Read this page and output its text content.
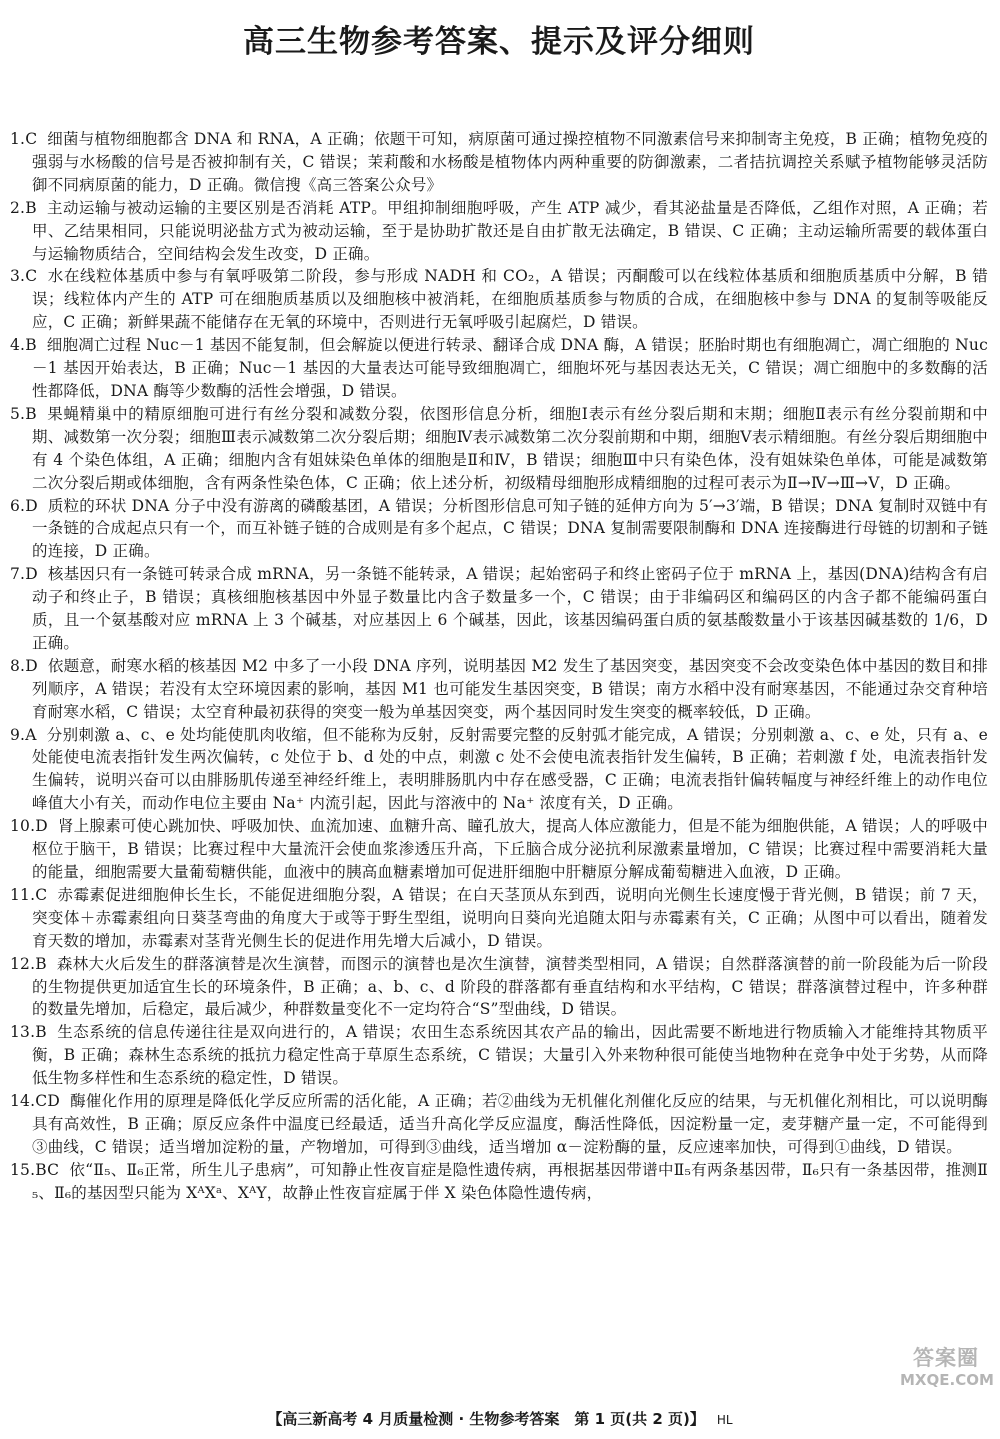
高三生物参考答案、提示及评分细则

1.C 细菌与植物细胞都含 DNA 和 RNA，A 正确；依题干可知，病原菌可通过操控植物不同激素信号来抑制寄主免疫，B 正确；植物免疫的强弱与水杨酸的信号是否被抑制有关，C 错误；茉莉酸和水杨酸是植物体内两种重要的防御激素，二者拮抗调控关系赋予植物能够灵活防御不同病原菌的能力，D 正确。微信搜《高三答案公众号》

2.B 主动运输与被动运输的主要区别是否消耗 ATP。甲组抑制细胞呼吸，产生 ATP 减少，看其泌盐量是否降低，乙组作对照，A 正确；若甲、乙结果相同，只能说明泌盐方式为被动运输，至于是协助扩散还是自由扩散无法确定，B 错误、C 正确；主动运输所需要的载体蛋白与运输物质结合，空间结构会发生改变，D 正确。

3.C 水在线粒体基质中参与有氧呼吸第二阶段，参与形成 NADH 和 CO₂，A 错误；丙酮酸可以在线粒体基质和细胞质基质中分解，B 错误；线粒体内产生的 ATP 可在细胞质基质以及细胞核中被消耗，在细胞质基质参与物质的合成，在细胞核中参与 DNA 的复制等吸能反应，C 正确；新鲜果蔬不能储存在无氧的环境中，否则进行无氧呼吸引起腐烂，D 错误。

4.B 细胞凋亡过程 Nuc－1 基因不能复制，但会解旋以便进行转录、翻译合成 DNA 酶，A 错误；胚胎时期也有细胞凋亡，凋亡细胞的 Nuc－1 基因开始表达，B 正确；Nuc－1 基因的大量表达可能导致细胞凋亡，细胞坏死与基因表达无关，C 错误；凋亡细胞中的多数酶的活性都降低，DNA 酶等少数酶的活性会增强，D 错误。

5.B 果蝇精巢中的精原细胞可进行有丝分裂和减数分裂，依图形信息分析，细胞Ⅰ表示有丝分裂后期和末期；细胞Ⅱ表示有丝分裂前期和中期、减数第一次分裂；细胞Ⅲ表示减数第二次分裂后期；细胞Ⅳ表示减数第二次分裂前期和中期，细胞Ⅴ表示精细胞。有丝分裂后期细胞中有 4 个染色体组，A 正确；细胞内含有姐妹染色单体的细胞是Ⅱ和Ⅳ，B 错误；细胞Ⅲ中只有染色体，没有姐妹染色单体，可能是减数第二次分裂后期或体细胞，含有两条性染色体，C 正确；依上述分析，初级精母细胞形成精细胞的过程可表示为Ⅱ→Ⅳ→Ⅲ→Ⅴ，D 正确。

6.D 质粒的环状 DNA 分子中没有游离的磷酸基团，A 错误；分析图形信息可知子链的延伸方向为 5′→3′端，B 错误；DNA 复制时双链中有一条链的合成起点只有一个，而互补链子链的合成则是有多个起点，C 错误；DNA 复制需要限制酶和 DNA 连接酶进行母链的切割和子链的连接，D 正确。

7.D 核基因只有一条链可转录合成 mRNA，另一条链不能转录，A 错误；起始密码子和终止密码子位于 mRNA 上，基因(DNA)结构含有启动子和终止子，B 错误；真核细胞核基因中外显子数量比内含子数量多一个，C 错误；由于非编码区和编码区的内含子都不能编码蛋白质，且一个氨基酸对应 mRNA 上 3 个碱基，对应基因上 6 个碱基，因此，该基因编码蛋白质的氨基酸数量小于该基因碱基数的 1/6，D 正确。

8.D 依题意，耐寒水稻的核基因 M2 中多了一小段 DNA 序列，说明基因 M2 发生了基因突变，基因突变不会改变染色体中基因的数目和排列顺序，A 错误；若没有太空环境因素的影响，基因 M1 也可能发生基因突变，B 错误；南方水稻中没有耐寒基因，不能通过杂交育种培育耐寒水稻，C 错误；太空育种最初获得的突变一般为单基因突变，两个基因同时发生突变的概率较低，D 正确。

9.A 分别刺激 a、c、e 处均能使肌肉收缩，但不能称为反射，反射需要完整的反射弧才能完成，A 错误；分别刺激 a、c、e 处，只有 a、e 处能使电流表指针发生两次偏转，c 处位于 b、d 处的中点，刺激 c 处不会使电流表指针发生偏转，B 正确；若刺激 f 处，电流表指针发生偏转，说明兴奋可以由腓肠肌传递至神经纤维上，表明腓肠肌内中存在感受器，C 正确；电流表指针偏转幅度与神经纤维上的动作电位峰值大小有关，而动作电位主要由 Na⁺ 内流引起，因此与溶液中的 Na⁺ 浓度有关，D 正确。

10.D 肾上腺素可使心跳加快、呼吸加快、血流加速、血糖升高、瞳孔放大，提高人体应激能力，但是不能为细胞供能，A 错误；人的呼吸中枢位于脑干，B 错误；比赛过程中大量流汗会使血浆渗透压升高，下丘脑合成分泌抗利尿激素量增加，C 错误；比赛过程中需要消耗大量的能量，细胞需要大量葡萄糖供能，血液中的胰高血糖素增加可促进肝细胞中肝糖原分解成葡萄糖进入血液，D 正确。

11.C 赤霉素促进细胞伸长生长，不能促进细胞分裂，A 错误；在白天茎顶从东到西，说明向光侧生长速度慢于背光侧，B 错误；前 7 天，突变体＋赤霉素组向日葵茎弯曲的角度大于或等于野生型组，说明向日葵向光追随太阳与赤霉素有关，C 正确；从图中可以看出，随着发育天数的增加，赤霉素对茎背光侧生长的促进作用先增大后减小，D 错误。

12.B 森林大火后发生的群落演替是次生演替，而图示的演替也是次生演替，演替类型相同，A 错误；自然群落演替的前一阶段能为后一阶段的生物提供更加适宜生长的环境条件，B 正确；a、b、c、d 阶段的群落都有垂直结构和水平结构，C 错误；群落演替过程中，许多种群的数量先增加，后稳定，最后减少，种群数量变化不一定均符合“S”型曲线，D 错误。

13.B 生态系统的信息传递往往是双向进行的，A 错误；农田生态系统因其农产品的输出，因此需要不断地进行物质输入才能维持其物质平衡，B 正确；森林生态系统的抵抗力稳定性高于草原生态系统，C 错误；大量引入外来物种很可能使当地物种在竞争中处于劣势，从而降低生物多样性和生态系统的稳定性，D 错误。

14.CD 酶催化作用的原理是降低化学反应所需的活化能，A 正确；若②曲线为无机催化剂催化反应的结果，与无机催化剂相比，可以说明酶具有高效性，B 正确；原反应条件中温度已经最适，适当升高化学反应温度，酶活性降低，因淀粉量一定，麦芽糖产量一定，不可能得到③曲线，C 错误；适当增加淀粉的量，产物增加，可得到③曲线，适当增加 α－淀粉酶的量，反应速率加快，可得到①曲线，D 错误。

15.BC 依“Ⅱ₅、Ⅱ₆正常，所生儿子患病”，可知静止性夜盲症是隐性遗传病，再根据基因带谱中Ⅱ₅有两条基因带，Ⅱ₆只有一条基因带，推测Ⅱ₅、Ⅱ₆的基因型只能为 XᴬXᵃ、XᴬY，故静止性夜盲症属于伴 X 染色体隐性遗传病，

【高三新高考 4 月质量检测 · 生物参考答案　第 1 页(共 2 页)】 HL
答案圈
MXQE.COM
